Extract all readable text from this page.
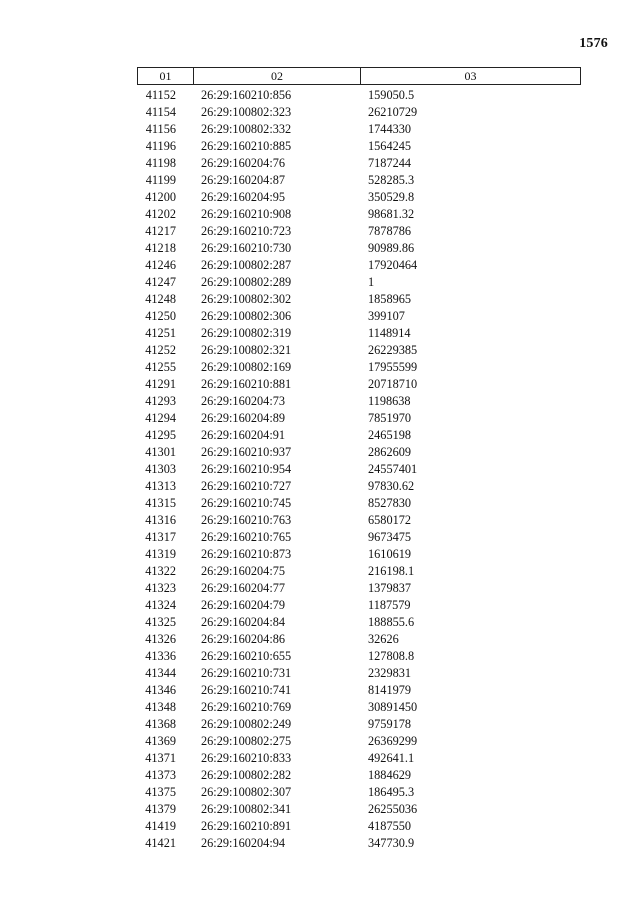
1576
01	02	03
41152	26:29:160210:856	159050.5
41154	26:29:100802:323	26210729
41156	26:29:100802:332	1744330
41196	26:29:160210:885	1564245
41198	26:29:160204:76	7187244
41199	26:29:160204:87	528285.3
41200	26:29:160204:95	350529.8
41202	26:29:160210:908	98681.32
41217	26:29:160210:723	7878786
41218	26:29:160210:730	90989.86
41246	26:29:100802:287	17920464
41247	26:29:100802:289	1
41248	26:29:100802:302	1858965
41250	26:29:100802:306	399107
41251	26:29:100802:319	1148914
41252	26:29:100802:321	26229385
41255	26:29:100802:169	17955599
41291	26:29:160210:881	20718710
41293	26:29:160204:73	1198638
41294	26:29:160204:89	7851970
41295	26:29:160204:91	2465198
41301	26:29:160210:937	2862609
41303	26:29:160210:954	24557401
41313	26:29:160210:727	97830.62
41315	26:29:160210:745	8527830
41316	26:29:160210:763	6580172
41317	26:29:160210:765	9673475
41319	26:29:160210:873	1610619
41322	26:29:160204:75	216198.1
41323	26:29:160204:77	1379837
41324	26:29:160204:79	1187579
41325	26:29:160204:84	188855.6
41326	26:29:160204:86	32626
41336	26:29:160210:655	127808.8
41344	26:29:160210:731	2329831
41346	26:29:160210:741	8141979
41348	26:29:160210:769	30891450
41368	26:29:100802:249	9759178
41369	26:29:100802:275	26369299
41371	26:29:160210:833	492641.1
41373	26:29:100802:282	1884629
41375	26:29:100802:307	186495.3
41379	26:29:100802:341	26255036
41419	26:29:160210:891	4187550
41421	26:29:160204:94	347730.9
